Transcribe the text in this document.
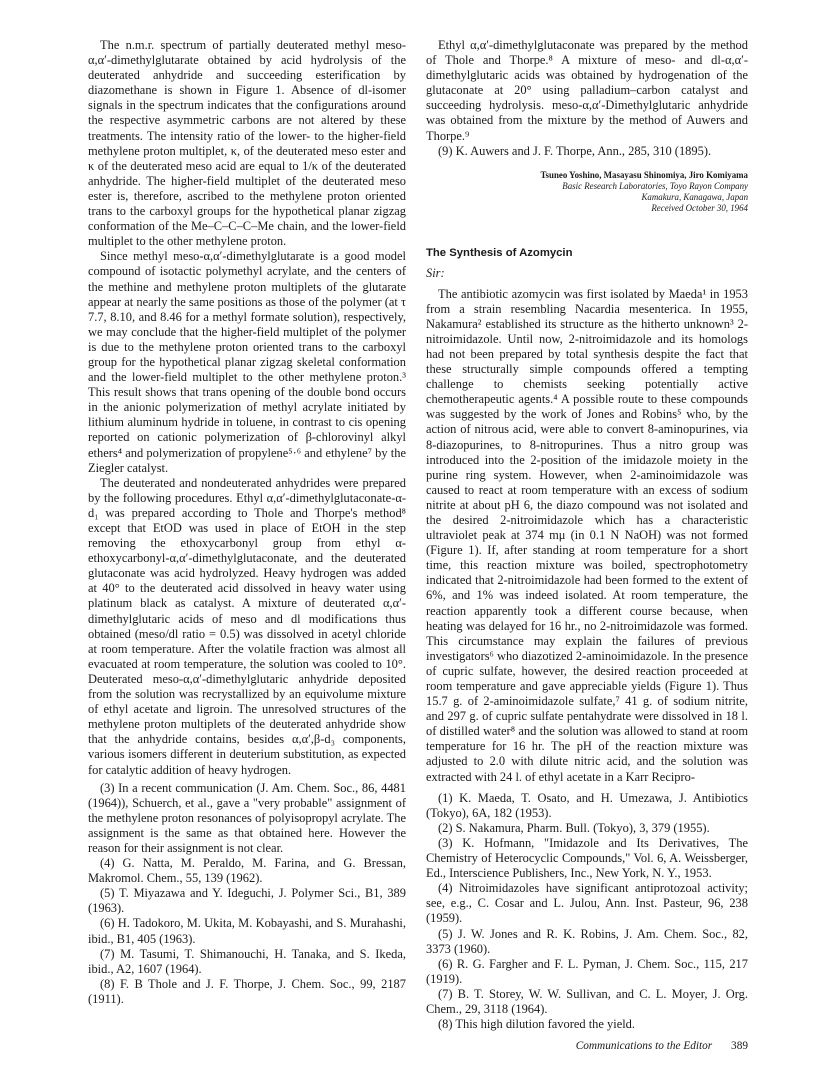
The n.m.r. spectrum of partially deuterated methyl meso-α,α′-dimethylglutarate obtained by acid hydrolysis of the deuterated anhydride and succeeding esterification by diazomethane is shown in Figure 1. Absence of dl-isomer signals in the spectrum indicates that the configurations around the respective asymmetric carbons are not altered by these treatments. The intensity ratio of the lower- to the higher-field methylene proton multiplet, κ, of the deuterated meso ester and κ of the deuterated meso acid are equal to 1/κ of the deuterated anhydride. The higher-field multiplet of the deuterated meso ester is, therefore, ascribed to the methylene proton oriented trans to the carboxyl groups for the hypothetical planar zigzag conformation of the Me–C–C–C–Me chain, and the lower-field multiplet to the other methylene proton.

Since methyl meso-α,α′-dimethylglutarate is a good model compound of isotactic polymethyl acrylate, and the centers of the methine and methylene proton multiplets of the glutarate appear at nearly the same positions as those of the polymer (at τ 7.7, 8.10, and 8.46 for a methyl formate solution), respectively, we may conclude that the higher-field multiplet of the polymer is due to the methylene proton oriented trans to the carboxyl group for the hypothetical planar zigzag skeletal conformation and the lower-field multiplet to the other methylene proton.³ This result shows that trans opening of the double bond occurs in the anionic polymerization of methyl acrylate initiated by lithium aluminum hydride in toluene, in contrast to cis opening reported on cationic polymerization of β-chlorovinyl alkyl ethers⁴ and polymerization of propylene⁵·⁶ and ethylene⁷ by the Ziegler catalyst.

The deuterated and nondeuterated anhydrides were prepared by the following procedures. Ethyl α,α′-dimethylglutaconate-α-d₁ was prepared according to Thole and Thorpe's method⁸ except that EtOD was used in place of EtOH in the step removing the ethoxycarbonyl group from ethyl α-ethoxycarbonyl-α,α′-dimethylglutaconate, and the deuterated glutaconate was acid hydrolyzed. Heavy hydrogen was added at 40° to the deuterated acid dissolved in heavy water using platinum black as catalyst. A mixture of deuterated α,α′-dimethylglutaric acids of meso and dl modifications thus obtained (meso/dl ratio = 0.5) was dissolved in acetyl chloride at room temperature. After the volatile fraction was almost all evacuated at room temperature, the solution was cooled to 10°. Deuterated meso-α,α′-dimethylglutaric anhydride deposited from the solution was recrystallized by an equivolume mixture of ethyl acetate and ligroin. The unresolved structures of the methylene proton multiplets of the deuterated anhydride show that the anhydride contains, besides α,α′,β-d₃ components, various isomers different in deuterium substitution, as expected for catalytic addition of heavy hydrogen.

(3) In a recent communication (J. Am. Chem. Soc., 86, 4481 (1964)), Schuerch, et al., gave a "very probable" assignment of the methylene proton resonances of polyisopropyl acrylate. The assignment is the same as that obtained here. However the reason for their assignment is not clear.

(4) G. Natta, M. Peraldo, M. Farina, and G. Bressan, Makromol. Chem., 55, 139 (1962).

(5) T. Miyazawa and Y. Ideguchi, J. Polymer Sci., B1, 389 (1963).

(6) H. Tadokoro, M. Ukita, M. Kobayashi, and S. Murahashi, ibid., B1, 405 (1963).

(7) M. Tasumi, T. Shimanouchi, H. Tanaka, and S. Ikeda, ibid., A2, 1607 (1964).

(8) F. B Thole and J. F. Thorpe, J. Chem. Soc., 99, 2187 (1911).

Ethyl α,α′-dimethylglutaconate was prepared by the method of Thole and Thorpe.⁸ A mixture of meso- and dl-α,α′-dimethylglutaric acids was obtained by hydrogenation of the glutaconate at 20° using palladium–carbon catalyst and succeeding hydrolysis. meso-α,α′-Dimethylglutaric anhydride was obtained from the mixture by the method of Auwers and Thorpe.⁹

(9) K. Auwers and J. F. Thorpe, Ann., 285, 310 (1895).

Tsuneo Yoshino, Masayasu Shinomiya, Jiro Komiyama
Basic Research Laboratories, Toyo Rayon Company
Kamakura, Kanagawa, Japan
Received October 30, 1964
The Synthesis of Azomycin
Sir:

The antibiotic azomycin was first isolated by Maeda¹ in 1953 from a strain resembling Nacardia mesenterica. In 1955, Nakamura² established its structure as the hitherto unknown³ 2-nitroimidazole. Until now, 2-nitroimidazole and its homologs had not been prepared by total synthesis despite the fact that these structurally simple compounds offered a tempting challenge to chemists seeking potentially active chemotherapeutic agents.⁴ A possible route to these compounds was suggested by the work of Jones and Robins⁵ who, by the action of nitrous acid, were able to convert 8-aminopurines, via 8-diazopurines, to 8-nitropurines. Thus a nitro group was introduced into the 2-position of the imidazole moiety in the purine ring system. However, when 2-aminoimidazole was caused to react at room temperature with an excess of sodium nitrite at about pH 6, the diazo compound was not isolated and the desired 2-nitroimidazole which has a characteristic ultraviolet peak at 374 mμ (in 0.1 N NaOH) was not formed (Figure 1). If, after standing at room temperature for a short time, this reaction mixture was boiled, spectrophotometry indicated that 2-nitroimidazole had been formed to the extent of 6%, and 1% was indeed isolated. At room temperature, the reaction apparently took a different course because, when heating was delayed for 16 hr., no 2-nitroimidazole was formed. This circumstance may explain the failures of previous investigators⁶ who diazotized 2-aminoimidazole. In the presence of cupric sulfate, however, the desired reaction proceeded at room temperature and gave appreciable yields (Figure 1). Thus 15.7 g. of 2-aminoimidazole sulfate,⁷ 41 g. of sodium nitrite, and 297 g. of cupric sulfate pentahydrate were dissolved in 18 l. of distilled water⁸ and the solution was allowed to stand at room temperature for 16 hr. The pH of the reaction mixture was adjusted to 2.0 with dilute nitric acid, and the solution was extracted with 24 l. of ethyl acetate in a Karr Recipro-

(1) K. Maeda, T. Osato, and H. Umezawa, J. Antibiotics (Tokyo), 6A, 182 (1953).

(2) S. Nakamura, Pharm. Bull. (Tokyo), 3, 379 (1955).

(3) K. Hofmann, "Imidazole and Its Derivatives, The Chemistry of Heterocyclic Compounds," Vol. 6, A. Weissberger, Ed., Interscience Publishers, Inc., New York, N. Y., 1953.

(4) Nitroimidazoles have significant antiprotozoal activity; see, e.g., C. Cosar and L. Julou, Ann. Inst. Pasteur, 96, 238 (1959).

(5) J. W. Jones and R. K. Robins, J. Am. Chem. Soc., 82, 3373 (1960).

(6) R. G. Fargher and F. L. Pyman, J. Chem. Soc., 115, 217 (1919).

(7) B. T. Storey, W. W. Sullivan, and C. L. Moyer, J. Org. Chem., 29, 3118 (1964).

(8) This high dilution favored the yield.

Communications to the Editor 389
